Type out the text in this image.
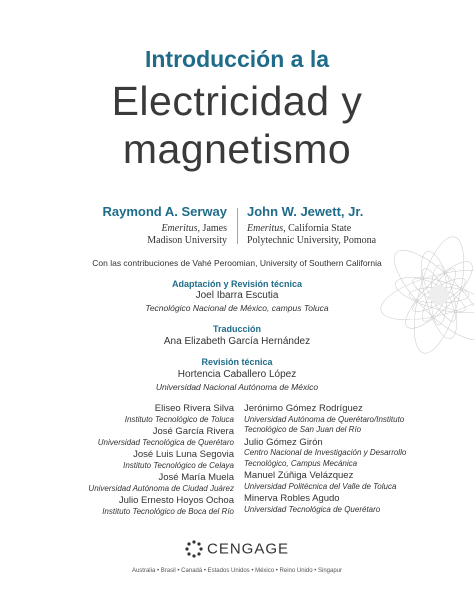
Introducción a la
Electricidad y
magnetismo
Raymond A. Serway
Emeritus, James
Madison University
John W. Jewett, Jr.
Emeritus, California State
Polytechnic University, Pomona
Con las contribuciones de Vahé Peroomian, University of Southern California
Adaptación y Revisión técnica
Joel Ibarra Escutia
Tecnológico Nacional de México, campus Toluca
Traducción
Ana Elizabeth García Hernández
Revisión técnica
Hortencia Caballero López
Universidad Nacional Autónoma de México
Eliseo Rivera Silva
Instituto Tecnológico de Toluca
José García Rivera
Universidad Tecnológica de Querétaro
José Luis Luna Segovia
Instituto Tecnológico de Celaya
José María Muela
Universidad Autónoma de Ciudad Juárez
Julio Ernesto Hoyos Ochoa
Instituto Tecnológico de Boca del Río
Jerónimo Gómez Rodríguez
Universidad Autónoma de Querétaro/Instituto
Tecnológico de San Juan del Río
Julio Gómez Girón
Centro Nacional de Investigación y Desarrollo
Tecnológico, Campus Mecánica
Manuel Zúñiga Velázquez
Universidad Politécnica del Valle de Toluca
Minerva Robles Agudo
Universidad Tecnológica de Querétaro
CENGAGE
Australia • Brasil • Canadá • Estados Unidos • México • Reino Unido • Singapur
